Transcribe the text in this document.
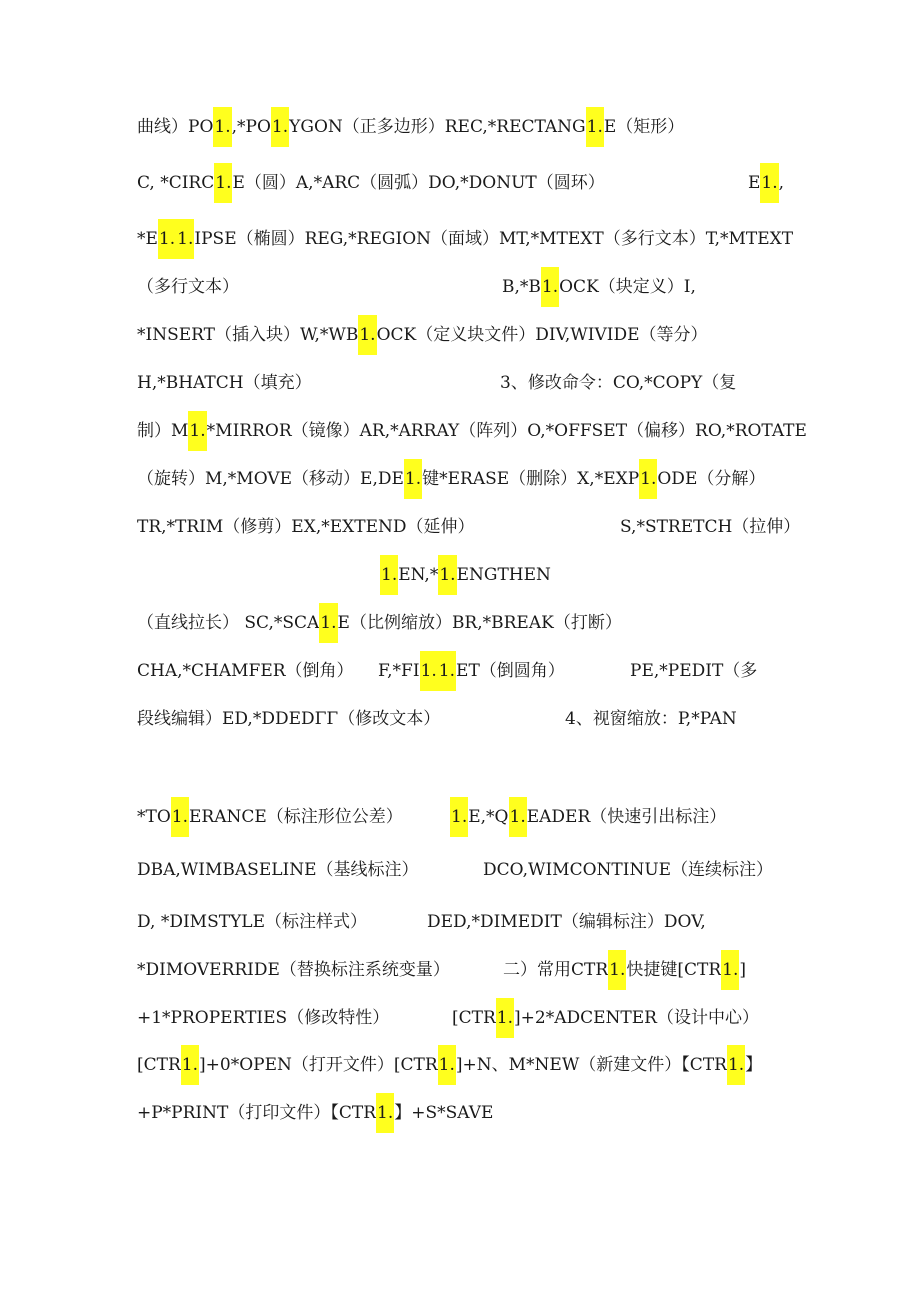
曲线）PO1.,*PO1.YGON（正多边形）REC,*RECTANG1.E（矩形）
C, *CIRC1.E（圆）A,*ARC（圆弧）DO,*DONUT（圆环）	E1.,
*E1. 1.IPSE（椭圆）REG,*REGION（面域）MT,*MTEXT（多行文本）T,*MTEXT
（多行文本）	B,*B1.OCK（块定义）I,
*INSERT（插入块）W,*WB1.OCK（定义块文件）DIV,WIVIDE（等分）
H,*BHATCH（填充）	3、修改命令：CO,*COPY（复
制）M1.*MIRROR（镜像）AR,*ARRAY（阵列）O,*OFFSET（偏移）RO,*ROTATE
（旋转）M,*MOVE（移动）E,DE1.键*ERASE（删除）X,*EXP1.ODE（分解）
TR,*TRIM（修剪）EX,*EXTEND（延伸）	S,*STRETCH（拉伸）
1.EN,*1.ENGTHEN
（直线拉长） SC,*SCA1.E（比例缩放）BR,*BREAK（打断）
CHA,*CHAMFER（倒角） F,*FI1. 1.ET（倒圆角）	PE,*PEDIT（多
段线编辑）ED,*DDEDΓΓ（修改文本）	4、视窗缩放：P,*PAN
*TO1.ERANCE（标注形位公差）	1.E,*Q1.EADER（快速引出标注）
DBA,WIMBASELINE（基线标注）	DCO,WIMCONTINUE（连续标注）
D, *DIMSTYLE（标注样式）	DED,*DIMEDIT（编辑标注）DOV,
*DIMOVERRIDE（替换标注系统变量）	二）常用CTR1.快捷键[CTR1.]
+1*PROPERTIES（修改特性）	[CTR1.]+2*ADCENTER（设计中心）
[CTR1.]+0*OPEN（打开文件）[CTR1.]+N、M*NEW（新建文件）【CTR1.】
+P*PRINT（打印文件）【CTR1.】+S*SAVE
